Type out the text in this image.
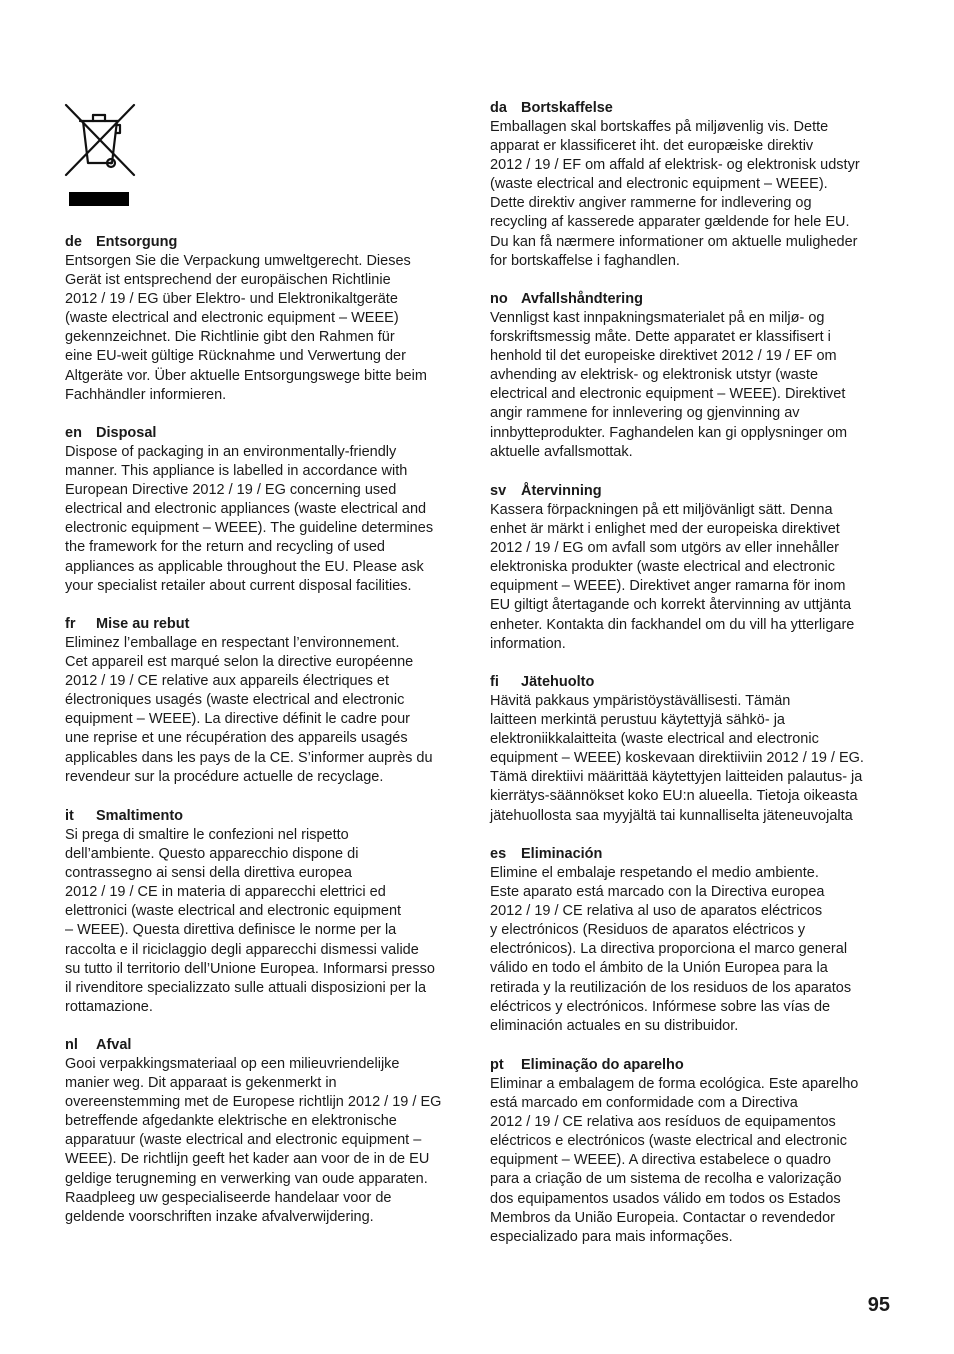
de Entsorgung

Entsorgen Sie die Verpackung umweltgerecht. Dieses
Gerät ist entsprechend der europäischen Richtlinie
2012 / 19 / EG über Elektro- und Elektronikaltgeräte
(waste electrical and electronic equipment – WEEE)
gekennzeichnet. Die Richtlinie gibt den Rahmen für
eine EU-weit gültige Rücknahme und Verwertung der
Altgeräte vor. Über aktuelle Entsorgungswege bitte beim
Fachhändler informieren.

en Disposal

Dispose of packaging in an environmentally-friendly
manner. This appliance is labelled in accordance with
European Directive 2012 / 19 / EG concerning used
electrical and electronic appliances (waste electrical and
electronic equipment – WEEE). The guideline determines
the framework for the return and recycling of used
appliances as applicable throughout the EU. Please ask
your specialist retailer about current disposal facilities.

fr Mise au rebut

Eliminez l’emballage en respectant l’environnement.
Cet appareil est marqué selon la directive européenne
2012 / 19 / CE relative aux appareils électriques et
électroniques usagés (waste electrical and electronic
equipment – WEEE). La directive définit le cadre pour
une reprise et une récupération des appareils usagés
applicables dans les pays de la CE. S’informer auprès du
revendeur sur la procédure actuelle de recyclage.

it Smaltimento

Si prega di smaltire le confezioni nel rispetto
dell’ambiente. Questo apparecchio dispone di
contrassegno ai sensi della direttiva europea
2012 / 19 / CE in materia di apparecchi elettrici ed
elettronici (waste electrical and electronic equipment
– WEEE). Questa direttiva definisce le norme per la
raccolta e il riciclaggio degli apparecchi dismessi valide
su tutto il territorio dell’Unione Europea. Informarsi presso
il rivenditore specializzato sulle attuali disposizioni per la
rottamazione.

nl Afval

Gooi verpakkingsmateriaal op een milieuvriendelijke
manier weg. Dit apparaat is gekenmerkt in
overeenstemming met de Europese richtlijn 2012 / 19 / EG
betreffende afgedankte elektrische en elektronische
apparatuur (waste electrical and electronic equipment –
WEEE). De richtlijn geeft het kader aan voor de in de EU
geldige terugneming en verwerking van oude apparaten.
Raadpleeg uw gespecialiseerde handelaar voor de
geldende voorschriften inzake afvalverwijdering.

da Bortskaffelse

Emballagen skal bortskaffes på miljøvenlig vis. Dette
apparat er klassificeret iht. det europæiske direktiv
2012 / 19 / EF om affald af elektrisk- og elektronisk udstyr
(waste electrical and electronic equipment – WEEE).
Dette direktiv angiver rammerne for indlevering og
recycling af kasserede apparater gældende for hele EU.
Du kan få nærmere informationer om aktuelle muligheder
for bortskaffelse i faghandlen.

no Avfallshåndtering

Vennligst kast innpakningsmaterialet på en miljø- og
forskriftsmessig måte. Dette apparatet er klassifisert i
henhold til det europeiske direktivet 2012 / 19 / EF om
avhending av elektrisk- og elektronisk utstyr (waste
electrical and electronic equipment – WEEE). Direktivet
angir rammene for innlevering og gjenvinning av
innbytteprodukter. Faghandelen kan gi opplysninger om
aktuelle avfallsmottak.

sv Återvinning

Kassera förpackningen på ett miljövänligt sätt. Denna
enhet är märkt i enlighet med der europeiska direktivet
2012 / 19 / EG om avfall som utgörs av eller innehåller
elektroniska produkter (waste electrical and electronic
equipment – WEEE). Direktivet anger ramarna för inom
EU giltigt återtagande och korrekt återvinning av uttjänta
enheter. Kontakta din fackhandel om du vill ha ytterligare
information.

fi Jätehuolto

Hävitä pakkaus ympäristöystävällisesti. Tämän
laitteen merkintä perustuu käytettyjä sähkö- ja
elektroniikkalaitteita (waste electrical and electronic
equipment – WEEE) koskevaan direktiiviin 2012 / 19 / EG.
Tämä direktiivi määrittää käytettyjen laitteiden palautus- ja
kierrätys-säännökset koko EU:n alueella. Tietoja oikeasta
jätehuollosta saa myyjältä tai kunnalliselta jäteneuvojalta

es Eliminación

Elimine el embalaje respetando el medio ambiente.
Este aparato está marcado con la Directiva europea
2012 / 19 / CE relativa al uso de aparatos eléctricos
y electrónicos (Residuos de aparatos eléctricos y
electrónicos). La directiva proporciona el marco general
válido en todo el ámbito de la Unión Europea para la
retirada y la reutilización de los residuos de los aparatos
eléctricos y electrónicos. Infórmese sobre las vías de
eliminación actuales en su distribuidor.

pt Eliminação do aparelho

Eliminar a embalagem de forma ecológica. Este aparelho
está marcado em conformidade com a Directiva
2012 / 19 / CE relativa aos resíduos de equipamentos
eléctricos e electrónicos (waste electrical and electronic
equipment – WEEE). A directiva estabelece o quadro
para a criação de um sistema de recolha e valorização
dos equipamentos usados válido em todos os Estados
Membros da União Europeia. Contactar o revendedor
especializado para mais informações.

95
